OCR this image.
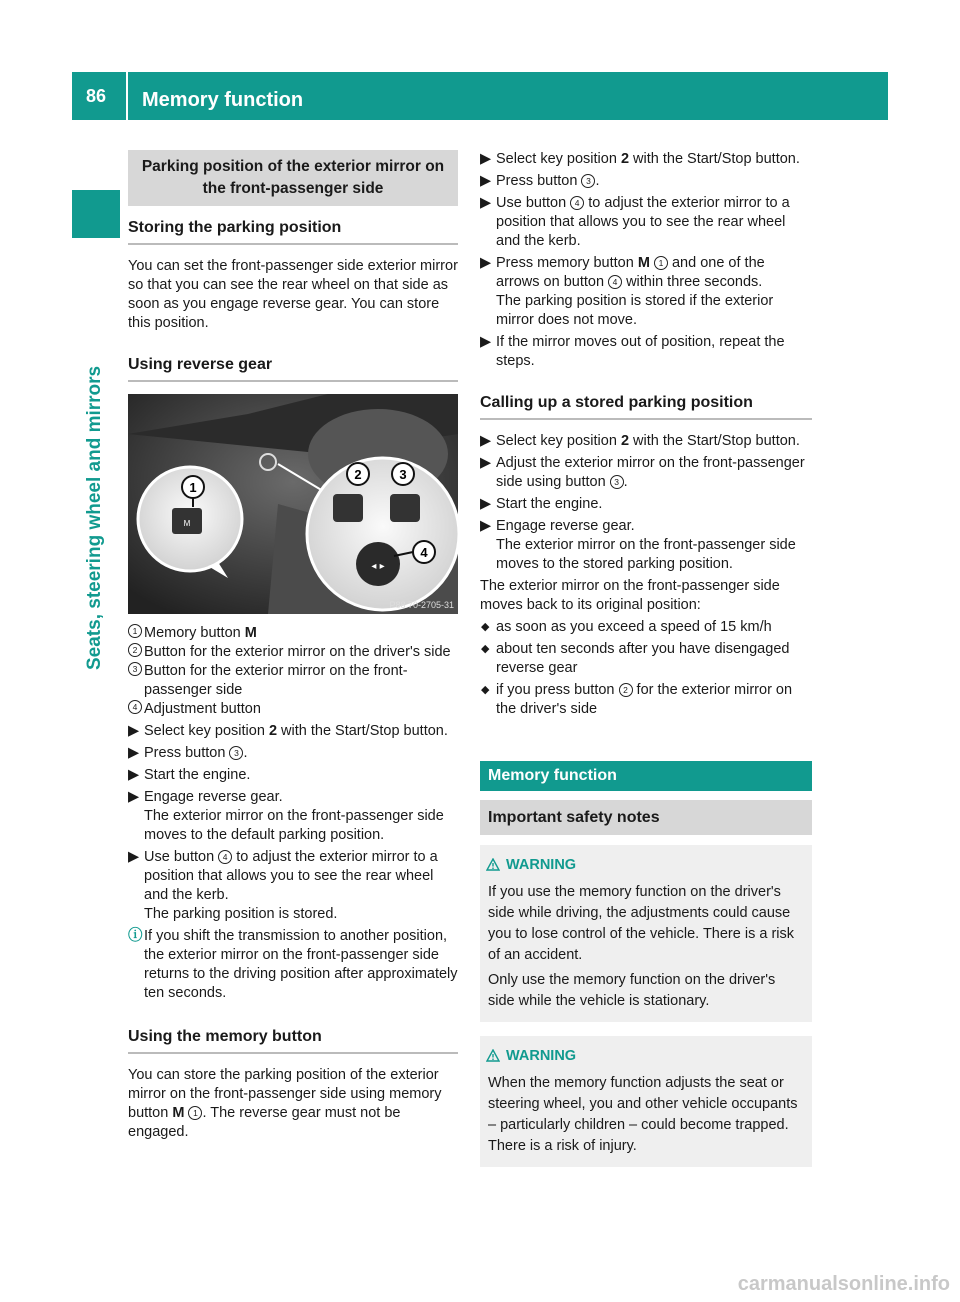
86	Memory function
Seats, steering wheel and mirrors
Parking position of the exterior mirror on the front-passenger side
Storing the parking position

You can set the front-passenger side exterior mirror so that you can see the rear wheel on that side as soon as you engage reverse gear. You can store this position.

Using reverse gear
M
1
◂ ▸
2	3
4
P88.70-2705-31
1 Memory button M
2 Button for the exterior mirror on the driver's side
3 Button for the exterior mirror on the front-passenger side
4 Adjustment button
▶ Select key position 2 with the Start/Stop button.
▶ Press button 3 .
▶ Start the engine.
▶ Engage reverse gear.
The exterior mirror on the front-passenger side moves to the default parking position.
▶ Use button 4 to adjust the exterior mirror to a position that allows you to see the rear wheel and the kerb.
The parking position is stored.
ⓘ If you shift the transmission to another position, the exterior mirror on the front-passenger side returns to the driving position after approximately ten seconds.
Using the memory button

You can store the parking position of the exterior mirror on the front-passenger side using memory button M 1 . The reverse gear must not be engaged.

▶ Select key position 2 with the Start/Stop button.
▶ Press button 3 .
▶ Use button 4 to adjust the exterior mirror to a position that allows you to see the rear wheel and the kerb.
▶ Press memory button M 1 and one of the arrows on button 4 within three seconds.
The parking position is stored if the exterior mirror does not move.
▶ If the mirror moves out of position, repeat the steps.
Calling up a stored parking position
▶ Select key position 2 with the Start/Stop button.
▶ Adjust the exterior mirror on the front-passenger side using button 3 .
▶ Start the engine.
▶ Engage reverse gear.
The exterior mirror on the front-passenger side moves to the stored parking position.

The exterior mirror on the front-passenger side moves back to its original position:

◆ as soon as you exceed a speed of 15 km/h
◆ about ten seconds after you have disengaged reverse gear
◆ if you press button 2 for the exterior mirror on the driver's side
Memory function
Important safety notes
WARNING

If you use the memory function on the driver's side while driving, the adjustments could cause you to lose control of the vehicle. There is a risk of an accident.

Only use the memory function on the driver's side while the vehicle is stationary.

WARNING

When the memory function adjusts the seat or steering wheel, you and other vehicle occupants – particularly children – could become trapped. There is a risk of injury.

carmanualsonline.info
